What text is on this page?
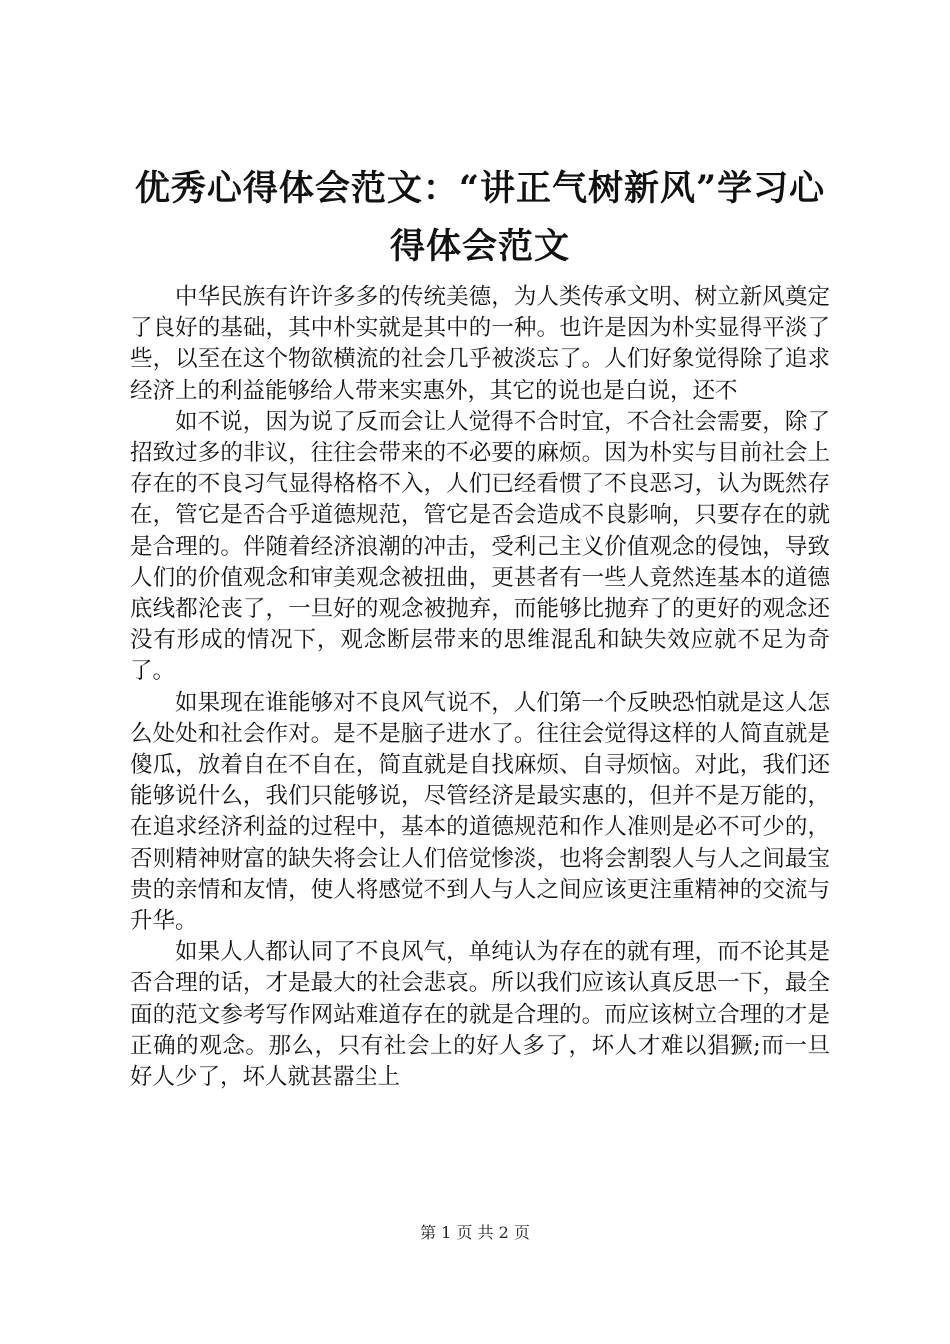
优秀心得体会范文：“讲正气树新风”学习心得体会范文

中华民族有许许多多的传统美德，为人类传承文明、树立新风奠定了良好的基础，其中朴实就是其中的一种。也许是因为朴实显得平淡了些，以至在这个物欲横流的社会几乎被淡忘了。人们好象觉得除了追求经济上的利益能够给人带来实惠外，其它的说也是白说，还不

如不说，因为说了反而会让人觉得不合时宜，不合社会需要，除了招致过多的非议，往往会带来的不必要的麻烦。因为朴实与目前社会上存在的不良习气显得格格不入，人们已经看惯了不良恶习，认为既然存在，管它是否合乎道德规范，管它是否会造成不良影响，只要存在的就是合理的。伴随着经济浪潮的冲击，受利己主义价值观念的侵蚀，导致人们的价值观念和审美观念被扭曲，更甚者有一些人竟然连基本的道德底线都沦丧了，一旦好的观念被抛弃，而能够比抛弃了的更好的观念还没有形成的情况下，观念断层带来的思维混乱和缺失效应就不足为奇了。

如果现在谁能够对不良风气说不，人们第一个反映恐怕就是这人怎么处处和社会作对。是不是脑子进水了。往往会觉得这样的人简直就是傻瓜，放着自在不自在，简直就是自找麻烦、自寻烦恼。对此，我们还能够说什么，我们只能够说，尽管经济是最实惠的，但并不是万能的，在追求经济利益的过程中，基本的道德规范和作人准则是必不可少的，否则精神财富的缺失将会让人们倍觉惨淡，也将会割裂人与人之间最宝贵的亲情和友情，使人将感觉不到人与人之间应该更注重精神的交流与升华。

如果人人都认同了不良风气，单纯认为存在的就有理，而不论其是否合理的话，才是最大的社会悲哀。所以我们应该认真反思一下，最全面的范文参考写作网站难道存在的就是合理的。而应该树立合理的才是正确的观念。那么，只有社会上的好人多了，坏人才难以猖獗;而一旦好人少了，坏人就甚嚣尘上

第 1 页 共 2 页
